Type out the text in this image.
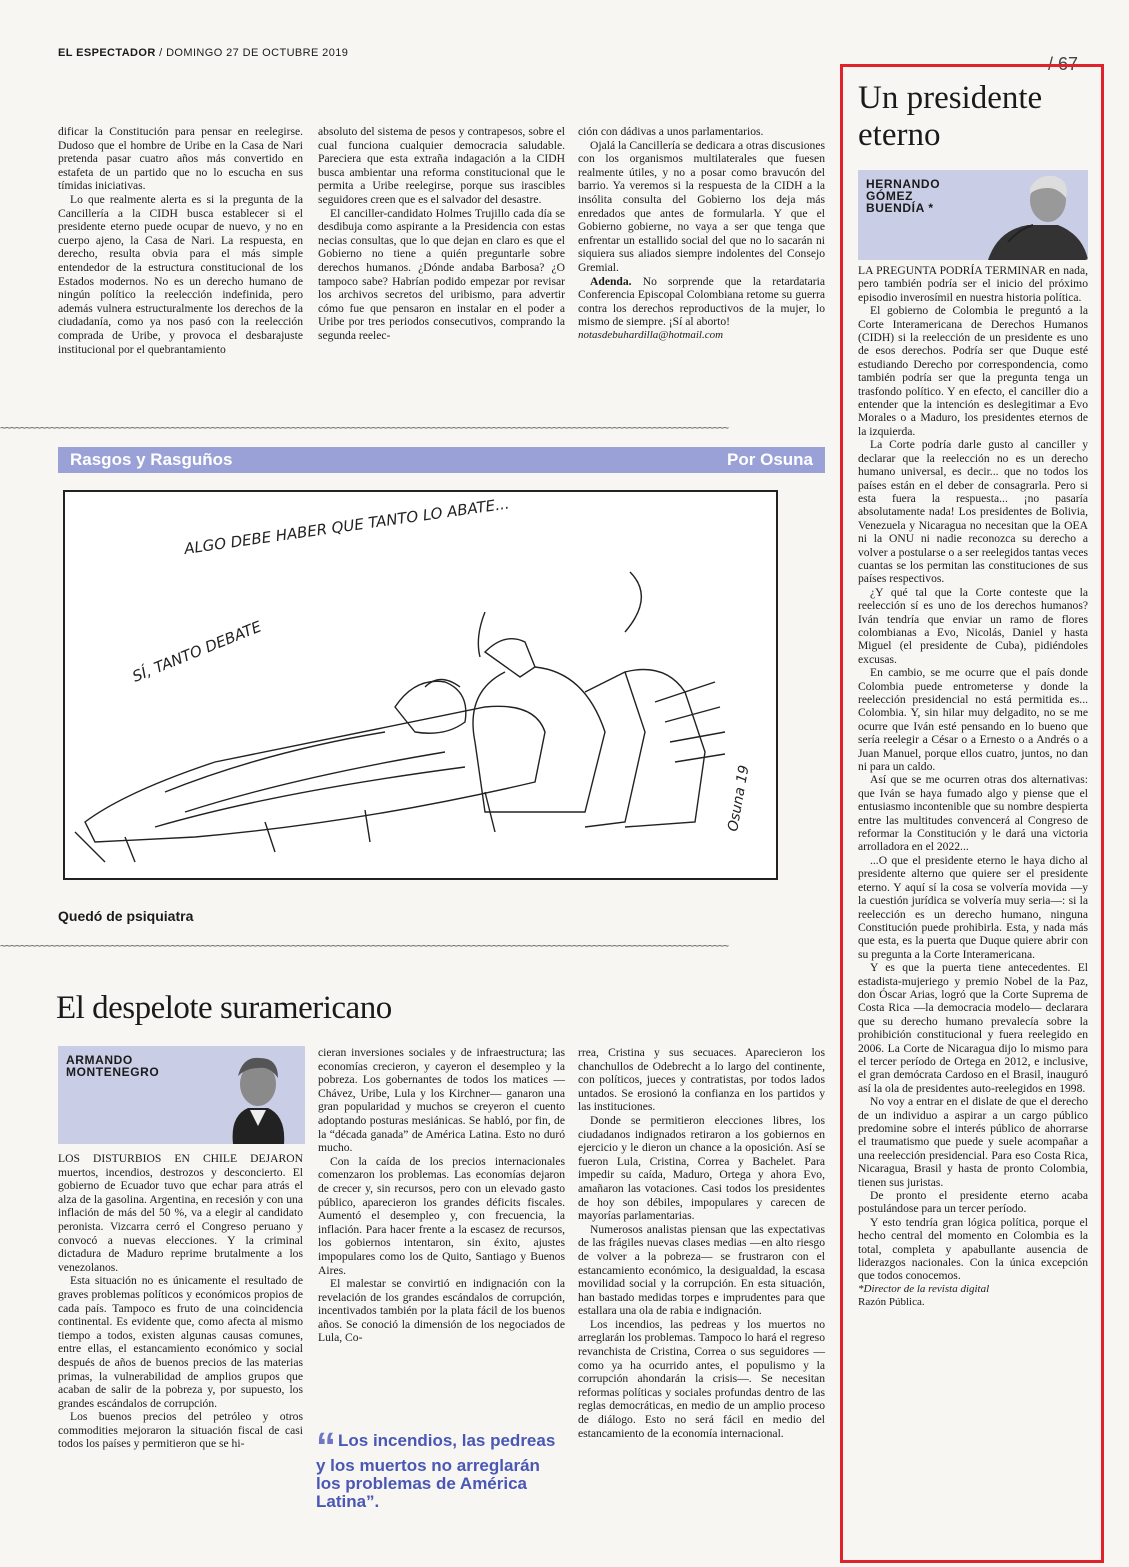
EL ESPECTADOR / DOMINGO 27 DE OCTUBRE 2019
/ 67

dificar la Constitución para pensar en reelegirse. Dudoso que el hombre de Uribe en la Casa de Nari pretenda pasar cuatro años más convertido en estafeta de un partido que no lo escucha en sus tímidas iniciativas.

Lo que realmente alerta es si la pregunta de la Cancillería a la CIDH busca establecer si el presidente eterno puede ocupar de nuevo, y no en cuerpo ajeno, la Casa de Nari. La respuesta, en derecho, resulta obvia para el más simple entendedor de la estructura constitucional de los Estados modernos. No es un derecho humano de ningún político la reelección indefinida, pero además vulnera estructuralmente los derechos de la ciudadanía, como ya nos pasó con la reelección comprada de Uribe, y provoca el desbarajuste institucional por el quebrantamiento

absoluto del sistema de pesos y contrapesos, sobre el cual funciona cualquier democracia saludable. Pareciera que esta extraña indagación a la CIDH busca ambientar una reforma constitucional que le permita a Uribe reelegirse, porque sus irascibles seguidores creen que es el salvador del desastre.

El canciller-candidato Holmes Trujillo cada día se desdibuja como aspirante a la Presidencia con estas necias consultas, que lo que dejan en claro es que el Gobierno no tiene a quién preguntarle sobre derechos humanos. ¿Dónde andaba Barbosa? ¿O tampoco sabe? Habrían podido empezar por revisar los archivos secretos del uribismo, para advertir cómo fue que pensaron en instalar en el poder a Uribe por tres periodos consecutivos, comprando la segunda reelec-

ción con dádivas a unos parlamentarios.

Ojalá la Cancillería se dedicara a otras discusiones con los organismos multilaterales que fuesen realmente útiles, y no a posar como bravucón del barrio. Ya veremos si la respuesta de la CIDH a la insólita consulta del Gobierno los deja más enredados que antes de formularla. Y que el Gobierno gobierne, no vaya a ser que tenga que enfrentar un estallido social del que no lo sacarán ni siquiera sus aliados siempre indolentes del Consejo Gremial.

Adenda. No sorprende que la retardataria Conferencia Episcopal Colombiana retome su guerra contra los derechos reproductivos de la mujer, lo mismo de siempre. ¡Sí al aborto!

notasdebuhardilla@hotmail.com

~~~~~~~~~~~~~~~~~~~~~~~~~~~~~~~~~~~~~~~~~~~~~~~~~~~~~~~~~~~~~~~~~~~~~~~~~~~~~~~~~~~~~~~~~~~~~~~~~~~~~~~~~~~~~~~~~~~~~~~~~~~~~~~~~~~~~~~~~~~~~~~~~
Rasgos y Rasguños	Por Osuna
ALGO DEBE HABER QUE TANTO LO ABATE...
SÍ, TANTO DEBATE
Osuna 19
Quedó de psiquiatra
~~~~~~~~~~~~~~~~~~~~~~~~~~~~~~~~~~~~~~~~~~~~~~~~~~~~~~~~~~~~~~~~~~~~~~~~~~~~~~~~~~~~~~~~~~~~~~~~~~~~~~~~~~~~~~~~~~~~~~~~~~~~~~~~~~~~~~~~~~~~~~~~~
El despelote suramericano
ARMANDO MONTENEGRO

LOS DISTURBIOS EN CHILE DEJARON muertos, incendios, destrozos y desconcierto. El gobierno de Ecuador tuvo que echar para atrás el alza de la gasolina. Argentina, en recesión y con una inflación de más del 50 %, va a elegir al candidato peronista. Vizcarra cerró el Congreso peruano y convocó a nuevas elecciones. Y la criminal dictadura de Maduro reprime brutalmente a los venezolanos.

Esta situación no es únicamente el resultado de graves problemas políticos y económicos propios de cada país. Tampoco es fruto de una coincidencia continental. Es evidente que, como afecta al mismo tiempo a todos, existen algunas causas comunes, entre ellas, el estancamiento económico y social después de años de buenos precios de las materias primas, la vulnerabilidad de amplios grupos que acaban de salir de la pobreza y, por supuesto, los grandes escándalos de corrupción.

Los buenos precios del petróleo y otros commodities mejoraron la situación fiscal de casi todos los países y permitieron que se hi-

cieran inversiones sociales y de infraestructura; las economías crecieron, y cayeron el desempleo y la pobreza. Los gobernantes de todos los matices —Chávez, Uribe, Lula y los Kirchner— ganaron una gran popularidad y muchos se creyeron el cuento adoptando posturas mesiánicas. Se habló, por fin, de la “década ganada” de América Latina. Esto no duró mucho.

Con la caída de los precios internacionales comenzaron los problemas. Las economías dejaron de crecer y, sin recursos, pero con un elevado gasto público, aparecieron los grandes déficits fiscales. Aumentó el desempleo y, con frecuencia, la inflación. Para hacer frente a la escasez de recursos, los gobiernos intentaron, sin éxito, ajustes impopulares como los de Quito, Santiago y Buenos Aires.

El malestar se convirtió en indignación con la revelación de los grandes escándalos de corrupción, incentivados también por la plata fácil de los buenos años. Se conoció la dimensión de los negociados de Lula, Co-

“ Los incendios, las pedreas y los muertos no arreglarán los problemas de América Latina”.

rrea, Cristina y sus secuaces. Aparecieron los chanchullos de Odebrecht a lo largo del continente, con políticos, jueces y contratistas, por todos lados untados. Se erosionó la confianza en los partidos y las instituciones.

Donde se permitieron elecciones libres, los ciudadanos indignados retiraron a los gobiernos en ejercicio y le dieron un chance a la oposición. Así se fueron Lula, Cristina, Correa y Bachelet. Para impedir su caída, Maduro, Ortega y ahora Evo, amañaron las votaciones. Casi todos los presidentes de hoy son débiles, impopulares y carecen de mayorías parlamentarias.

Numerosos analistas piensan que las expectativas de las frágiles nuevas clases medias —en alto riesgo de volver a la pobreza— se frustraron con el estancamiento económico, la desigualdad, la escasa movilidad social y la corrupción. En esta situación, han bastado medidas torpes e imprudentes para que estallara una ola de rabia e indignación.

Los incendios, las pedreas y los muertos no arreglarán los problemas. Tampoco lo hará el regreso revanchista de Cristina, Correa o sus seguidores —como ya ha ocurrido antes, el populismo y la corrupción ahondarán la crisis—. Se necesitan reformas políticas y sociales profundas dentro de las reglas democráticas, en medio de un amplio proceso de diálogo. Esto no será fácil en medio del estancamiento de la economía internacional.

Un presidente eterno
HERNANDO GÓMEZ BUENDÍA *

LA PREGUNTA PODRÍA TERMINAR en nada, pero también podría ser el inicio del próximo episodio inverosímil en nuestra historia política.

El gobierno de Colombia le preguntó a la Corte Interamericana de Derechos Humanos (CIDH) si la reelección de un presidente es uno de esos derechos. Podría ser que Duque esté estudiando Derecho por correspondencia, como también podría ser que la pregunta tenga un trasfondo político. Y en efecto, el canciller dio a entender que la intención es deslegitimar a Evo Morales o a Maduro, los presidentes eternos de la izquierda.

La Corte podría darle gusto al canciller y declarar que la reelección no es un derecho humano universal, es decir... que no todos los países están en el deber de consagrarla. Pero si esta fuera la respuesta... ¡no pasaría absolutamente nada! Los presidentes de Bolivia, Venezuela y Nicaragua no necesitan que la OEA ni la ONU ni nadie reconozca su derecho a volver a postularse o a ser reelegidos tantas veces cuantas se los permitan las constituciones de sus países respectivos.

¿Y qué tal que la Corte conteste que la reelección sí es uno de los derechos humanos? Iván tendría que enviar un ramo de flores colombianas a Evo, Nicolás, Daniel y hasta Miguel (el presidente de Cuba), pidiéndoles excusas.

En cambio, se me ocurre que el país donde Colombia puede entrometerse y donde la reelección presidencial no está permitida es... Colombia. Y, sin hilar muy delgadito, no se me ocurre que Iván esté pensando en lo bueno que sería reelegir a César o a Ernesto o a Andrés o a Juan Manuel, porque ellos cuatro, juntos, no dan ni para un caldo.

Así que se me ocurren otras dos alternativas: que Iván se haya fumado algo y piense que el entusiasmo incontenible que su nombre despierta entre las multitudes convencerá al Congreso de reformar la Constitución y le dará una victoria arrolladora en el 2022...

...O que el presidente eterno le haya dicho al presidente alterno que quiere ser el presidente eterno. Y aquí sí la cosa se volvería movida —y la cuestión jurídica se volvería muy seria—: si la reelección es un derecho humano, ninguna Constitución puede prohibirla. Esta, y nada más que esta, es la puerta que Duque quiere abrir con su pregunta a la Corte Interamericana.

Y es que la puerta tiene antecedentes. El estadista-mujeriego y premio Nobel de la Paz, don Óscar Arias, logró que la Corte Suprema de Costa Rica —la democracia modelo— declarara que su derecho humano prevalecía sobre la prohibición constitucional y fuera reelegido en 2006. La Corte de Nicaragua dijo lo mismo para el tercer período de Ortega en 2012, e inclusive, el gran demócrata Cardoso en el Brasil, inauguró así la ola de presidentes auto-reelegidos en 1998.

No voy a entrar en el dislate de que el derecho de un individuo a aspirar a un cargo público predomine sobre el interés público de ahorrarse el traumatismo que puede y suele acompañar a una reelección presidencial. Para eso Costa Rica, Nicaragua, Brasil y hasta de pronto Colombia, tienen sus juristas.

De pronto el presidente eterno acaba postulándose para un tercer período.

Y esto tendría gran lógica política, porque el hecho central del momento en Colombia es la total, completa y apabullante ausencia de liderazgos nacionales. Con la única excepción que todos conocemos.

*Director de la revista digital
Razón Pública.
